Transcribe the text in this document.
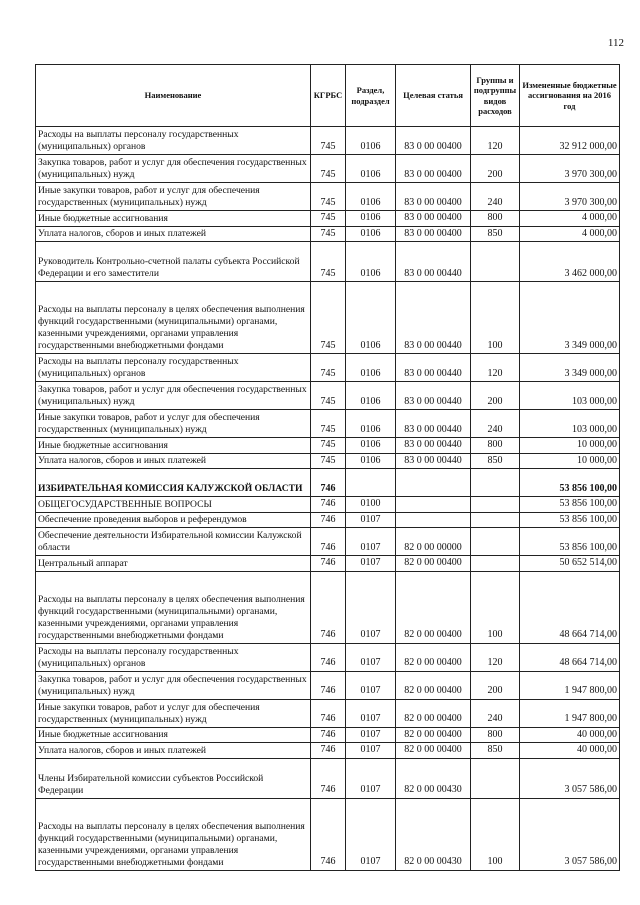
112
Наименование	КГРБС	Раздел, подраздел	Целевая статья	Группы и подгруппы видов расходов	Измененные бюджетные ассигнования на 2016 год
Расходы на выплаты персоналу государственных (муниципальных) органов	745	0106	83 0 00 00400	120	32 912 000,00
Закупка товаров, работ и услуг для обеспечения государственных (муниципальных) нужд	745	0106	83 0 00 00400	200	3 970 300,00
Иные закупки товаров, работ и услуг для обеспечения государственных (муниципальных) нужд	745	0106	83 0 00 00400	240	3 970 300,00
Иные бюджетные ассигнования	745	0106	83 0 00 00400	800	4 000,00
Уплата налогов, сборов и иных платежей	745	0106	83 0 00 00400	850	4 000,00
Руководитель Контрольно-счетной палаты субъекта Российской Федерации и его заместители	745	0106	83 0 00 00440		3 462 000,00
Расходы на выплаты персоналу в целях обеспечения выполнения функций государственными (муниципальными) органами, казенными учреждениями, органами управления государственными внебюджетными фондами	745	0106	83 0 00 00440	100	3 349 000,00
Расходы на выплаты персоналу государственных (муниципальных) органов	745	0106	83 0 00 00440	120	3 349 000,00
Закупка товаров, работ и услуг для обеспечения государственных (муниципальных) нужд	745	0106	83 0 00 00440	200	103 000,00
Иные закупки товаров, работ и услуг для обеспечения государственных (муниципальных) нужд	745	0106	83 0 00 00440	240	103 000,00
Иные бюджетные ассигнования	745	0106	83 0 00 00440	800	10 000,00
Уплата налогов, сборов и иных платежей	745	0106	83 0 00 00440	850	10 000,00
ИЗБИРАТЕЛЬНАЯ КОМИССИЯ КАЛУЖСКОЙ ОБЛАСТИ	746				53 856 100,00
ОБЩЕГОСУДАРСТВЕННЫЕ ВОПРОСЫ	746	0100			53 856 100,00
Обеспечение проведения выборов и референдумов	746	0107			53 856 100,00
Обеспечение деятельности Избирательной комиссии Калужской области	746	0107	82 0 00 00000		53 856 100,00
Центральный аппарат	746	0107	82 0 00 00400		50 652 514,00
Расходы на выплаты персоналу в целях обеспечения выполнения функций государственными (муниципальными) органами, казенными учреждениями, органами управления государственными внебюджетными фондами	746	0107	82 0 00 00400	100	48 664 714,00
Расходы на выплаты персоналу государственных (муниципальных) органов	746	0107	82 0 00 00400	120	48 664 714,00
Закупка товаров, работ и услуг для обеспечения государственных (муниципальных) нужд	746	0107	82 0 00 00400	200	1 947 800,00
Иные закупки товаров, работ и услуг для обеспечения государственных (муниципальных) нужд	746	0107	82 0 00 00400	240	1 947 800,00
Иные бюджетные ассигнования	746	0107	82 0 00 00400	800	40 000,00
Уплата налогов, сборов и иных платежей	746	0107	82 0 00 00400	850	40 000,00
Члены Избирательной комиссии субъектов Российской Федерации	746	0107	82 0 00 00430		3 057 586,00
Расходы на выплаты персоналу в целях обеспечения выполнения функций государственными (муниципальными) органами, казенными учреждениями, органами управления государственными внебюджетными фондами	746	0107	82 0 00 00430	100	3 057 586,00
